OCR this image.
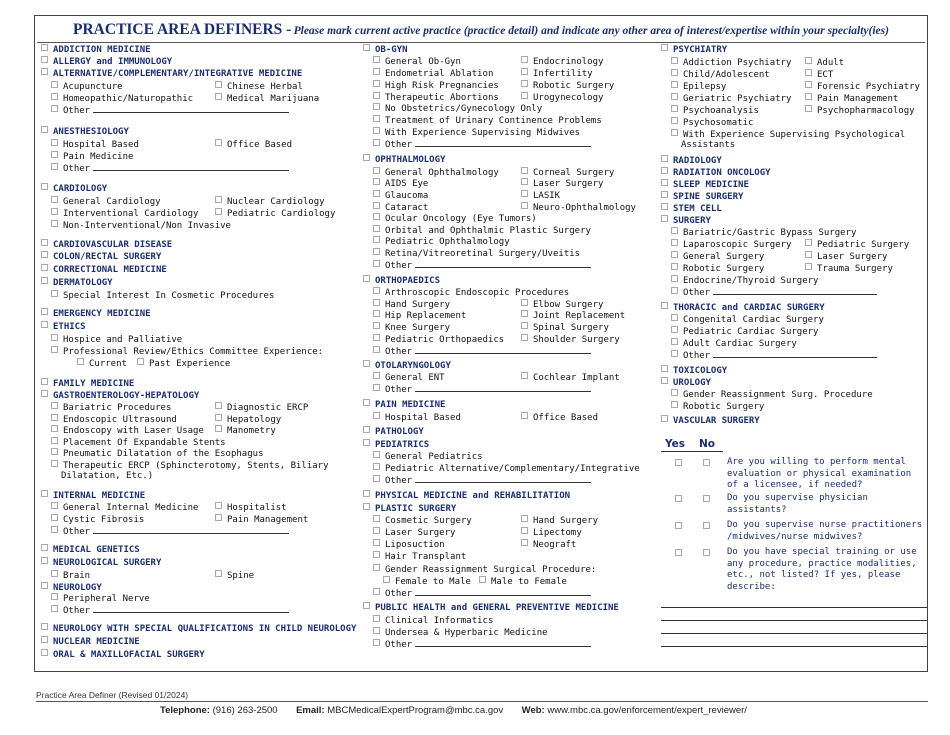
PRACTICE AREA DEFINERS - Please mark current active practice (practice detail) and indicate any other area of interest/expertise within your specialty(ies)
ADDICTION MEDICINE
ALLERGY and IMMUNOLOGY
ALTERNATIVE/COMPLEMENTARY/INTEGRATIVE MEDICINE
Acupuncture	Chinese Herbal
Homeopathic/Naturopathic	Medical Marijuana
Other
ANESTHESIOLOGY
Hospital Based	Office Based
Pain Medicine
Other
CARDIOLOGY
General Cardiology	Nuclear Cardiology
Interventional Cardiology	Pediatric Cardiology
Non-Interventional/Non Invasive
CARDIOVASCULAR DISEASE
COLON/RECTAL SURGERY
CORRECTIONAL MEDICINE
DERMATOLOGY
Special Interest In Cosmetic Procedures
EMERGENCY MEDICINE
ETHICS
Hospice and Palliative
Professional Review/Ethics Committee Experience:
Current	Past Experience
FAMILY MEDICINE
GASTROENTEROLOGY-HEPATOLOGY
Bariatric Procedures	Diagnostic ERCP
Endoscopic Ultrasound	Hepatology
Endoscopy with Laser Usage	Manometry
Placement Of Expandable Stents
Pneumatic Dilatation of the Esophagus
Therapeutic ERCP (Sphincterotomy, Stents, Biliary
Dilatation, Etc.)
INTERNAL MEDICINE
General Internal Medicine	Hospitalist
Cystic Fibrosis	Pain Management
Other
MEDICAL GENETICS
NEUROLOGICAL SURGERY
Brain	Spine
NEUROLOGY
Peripheral Nerve
Other
NEUROLOGY WITH SPECIAL QUALIFICATIONS IN CHILD NEUROLOGY
NUCLEAR MEDICINE
ORAL & MAXILLOFACIAL SURGERY
OB-GYN
General Ob-Gyn	Endocrinology
Endometrial Ablation	Infertility
High Risk Pregnancies	Robotic Surgery
Therapeutic Abortions	Urogynecology
No Obstetrics/Gynecology Only
Treatment of Urinary Continence Problems
With Experience Supervising Midwives
Other
OPHTHALMOLOGY
General Ophthalmology	Corneal Surgery
AIDS Eye	Laser Surgery
Glaucoma	LASIK
Cataract	Neuro-Ophthalmology
Ocular Oncology (Eye Tumors)
Orbital and Ophthalmic Plastic Surgery
Pediatric Ophthalmology
Retina/Vitreoretinal Surgery/Uveitis
Other
ORTHOPAEDICS
Arthroscopic Endoscopic Procedures
Hand Surgery	Elbow Surgery
Hip Replacement	Joint Replacement
Knee Surgery	Spinal Surgery
Pediatric Orthopaedics	Shoulder Surgery
Other
OTOLARYNGOLOGY
General ENT	Cochlear Implant
Other
PAIN MEDICINE
Hospital Based	Office Based
PATHOLOGY
PEDIATRICS
General Pediatrics
Pediatric Alternative/Complementary/Integrative
Other
PHYSICAL MEDICINE and REHABILITATION
PLASTIC SURGERY
Cosmetic Surgery	Hand Surgery
Laser Surgery	Lipectomy
Liposuction	Neograft
Hair Transplant
Gender Reassignment Surgical Procedure:
Female to Male	Male to Female
Other
PUBLIC HEALTH and GENERAL PREVENTIVE MEDICINE
Clinical Informatics
Undersea & Hyperbaric Medicine
Other
PSYCHIATRY
Addiction Psychiatry	Adult
Child/Adolescent	ECT
Epilepsy	Forensic Psychiatry
Geriatric Psychiatry	Pain Management
Psychoanalysis	Psychopharmacology
Psychosomatic
With Experience Supervising Psychological
Assistants
RADIOLOGY
RADIATION ONCOLOGY
SLEEP MEDICINE
SPINE SURGERY
STEM CELL
SURGERY
Bariatric/Gastric Bypass Surgery
Laparoscopic Surgery	Pediatric Surgery
General Surgery	Laser Surgery
Robotic Surgery	Trauma Surgery
Endocrine/Thyroid Surgery
Other
THORACIC and CARDIAC SURGERY
Congenital Cardiac Surgery
Pediatric Cardiac Surgery
Adult Cardiac Surgery
Other
TOXICOLOGY
UROLOGY
Gender Reassignment Surg. Procedure
Robotic Surgery
VASCULAR SURGERY
Yes No
Are you willing to perform mental evaluation or physical examination of a licensee, if needed?
Do you supervise physician assistants?
Do you supervise nurse practitioners /midwives/nurse midwives?
Do you have special training or use any procedure, practice modalities, etc., not listed? If yes, please describe:
Practice Area Definer (Revised 01/2024)
Telephone: (916) 263-2500 Email: MBCMedicalExpertProgram@mbc.ca.gov Web: www.mbc.ca.gov/enforcement/expert_reviewer/
